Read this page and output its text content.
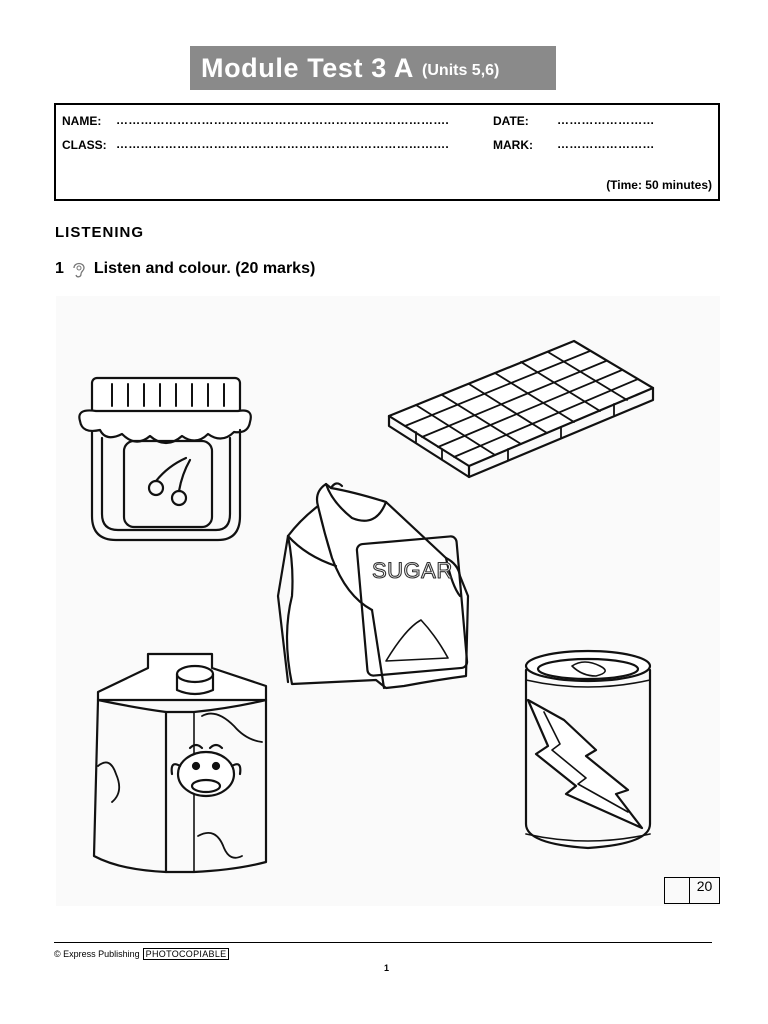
Module Test 3 A (Units 5,6)
NAME: ……………………………………………………………………….	DATE: ……………………
CLASS: ……………………………………………………………………….	MARK: ……………………
(Time: 50 minutes)
LISTENING
1 Listen and colour. (20 marks)
SUGAR
20
© Express Publishing PHOTOCOPIABLE
1
